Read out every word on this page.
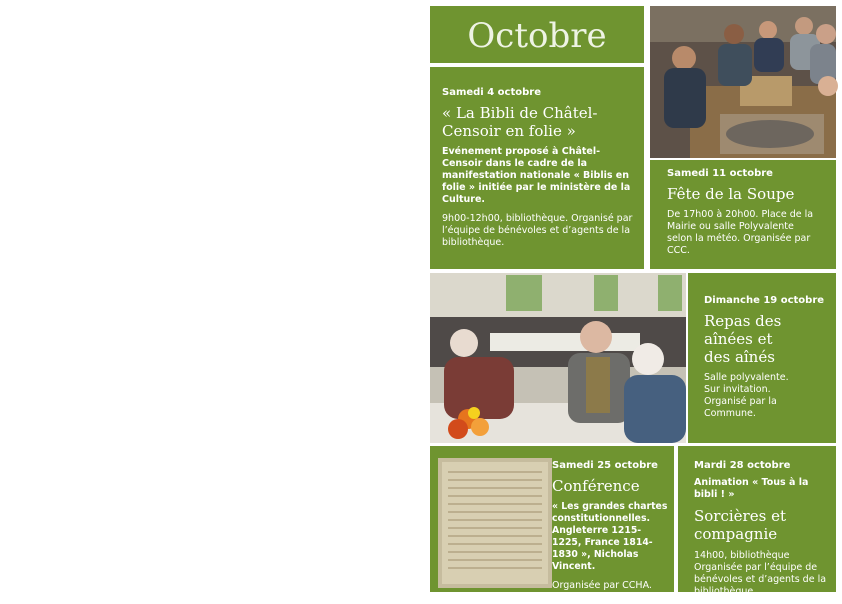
Octobre
Samedi 4 octobre
« La Bibli de Châtel-Censoir en folie »
Evénement proposé à Châtel-Censoir dans le cadre de la manifestation nationale « Biblis en folie » initiée par le ministère de la Culture.
9h00-12h00, bibliothèque. Organisé par l’équipe de bénévoles et d’agents de la bibliothèque.
Samedi 11 octobre
Fête de la Soupe
De 17h00 à 20h00. Place de la Mairie ou salle Polyvalente selon la météo. Organisée par CCC.
Dimanche 19 octobre
Repas des aînées et des aînés
Salle polyvalente. Sur invitation. Organisé par la Commune.
Samedi 25 octobre
Conférence
« Les grandes chartes constitutionnelles. Angleterre 1215-1225, France 1814-1830 », Nicholas Vincent.
Organisée par CCHA. 14h30, Salle Delaunay.
Mardi 28 octobre
Animation « Tous à la bibli ! »
Sorcières et compagnie
14h00, bibliothèque Organisée par l’équipe de bénévoles et d’agents de la bibliothèque.
